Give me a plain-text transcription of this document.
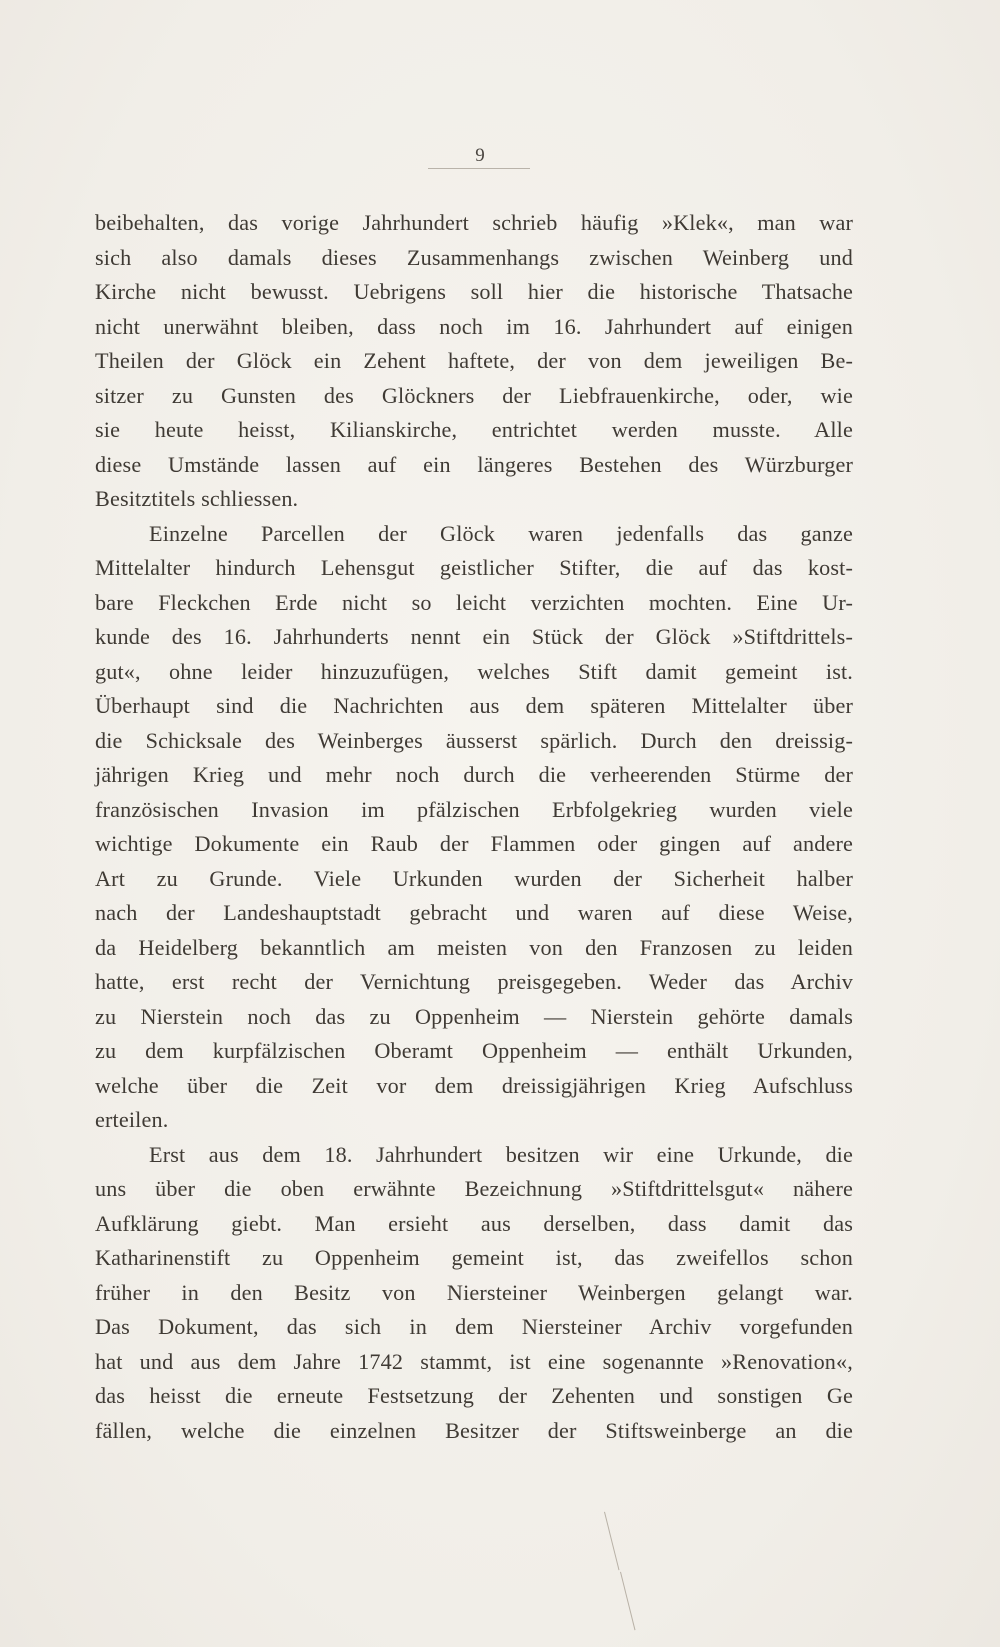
9
beibehalten, das vorige Jahrhundert schrieb häufig »Klek«, man war
sich also damals dieses Zusammenhangs zwischen Weinberg und
Kirche nicht bewusst. Uebrigens soll hier die historische Thatsache
nicht unerwähnt bleiben, dass noch im 16. Jahrhundert auf einigen
Theilen der Glöck ein Zehent haftete, der von dem jeweiligen Be-
sitzer zu Gunsten des Glöckners der Liebfrauenkirche, oder, wie
sie heute heisst, Kilianskirche, entrichtet werden musste. Alle
diese Umstände lassen auf ein längeres Bestehen des Würzburger
Besitztitels schliessen.
Einzelne Parcellen der Glöck waren jedenfalls das ganze
Mittelalter hindurch Lehensgut geistlicher Stifter, die auf das kost-
bare Fleckchen Erde nicht so leicht verzichten mochten. Eine Ur-
kunde des 16. Jahrhunderts nennt ein Stück der Glöck »Stiftdrittels-
gut«, ohne leider hinzuzufügen, welches Stift damit gemeint ist.
Überhaupt sind die Nachrichten aus dem späteren Mittelalter über
die Schicksale des Weinberges äusserst spärlich. Durch den dreissig-
jährigen Krieg und mehr noch durch die verheerenden Stürme der
französischen Invasion im pfälzischen Erbfolgekrieg wurden viele
wichtige Dokumente ein Raub der Flammen oder gingen auf andere
Art zu Grunde. Viele Urkunden wurden der Sicherheit halber
nach der Landeshauptstadt gebracht und waren auf diese Weise,
da Heidelberg bekanntlich am meisten von den Franzosen zu leiden
hatte, erst recht der Vernichtung preisgegeben. Weder das Archiv
zu Nierstein noch das zu Oppenheim — Nierstein gehörte damals
zu dem kurpfälzischen Oberamt Oppenheim — enthält Urkunden,
welche über die Zeit vor dem dreissigjährigen Krieg Aufschluss
erteilen.
Erst aus dem 18. Jahrhundert besitzen wir eine Urkunde, die
uns über die oben erwähnte Bezeichnung »Stiftdrittelsgut« nähere
Aufklärung giebt. Man ersieht aus derselben, dass damit das
Katharinenstift zu Oppenheim gemeint ist, das zweifellos schon
früher in den Besitz von Niersteiner Weinbergen gelangt war.
Das Dokument, das sich in dem Niersteiner Archiv vorgefunden
hat und aus dem Jahre 1742 stammt, ist eine sogenannte »Renovation«,
das heisst die erneute Festsetzung der Zehenten und sonstigen Ge
fällen, welche die einzelnen Besitzer der Stiftsweinberge an die
